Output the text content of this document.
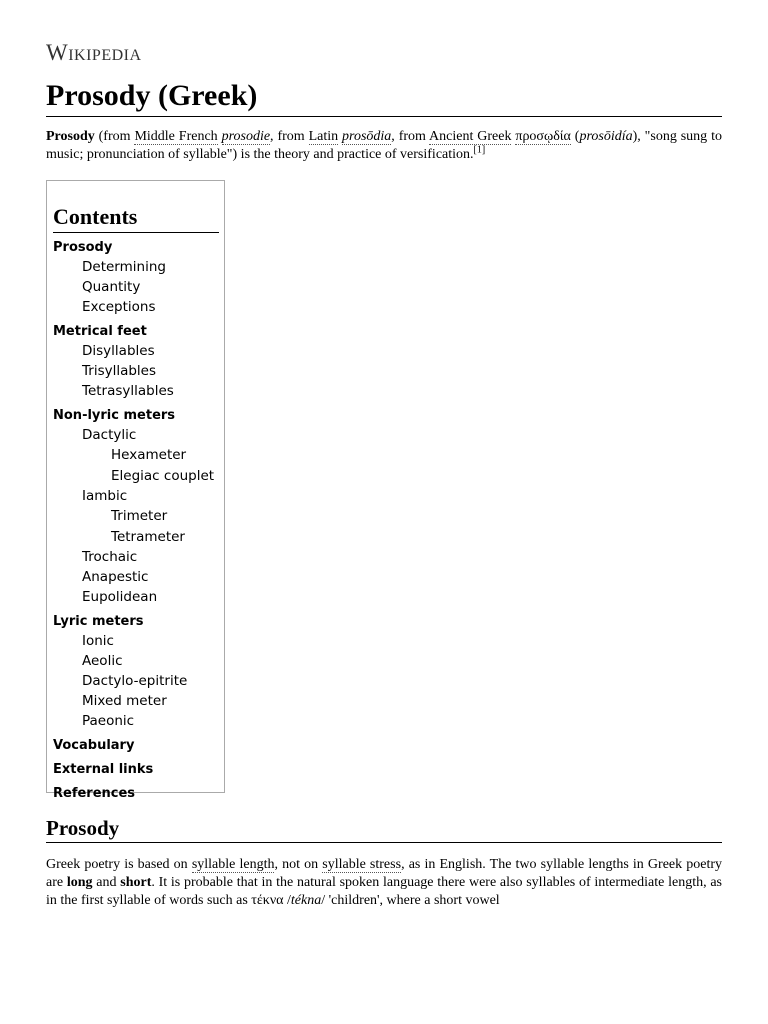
Wikipedia
Prosody (Greek)

Prosody (from Middle French prosodie, from Latin prosōdia, from Ancient Greek προσῳδία (prosōidía), "song sung to music; pronunciation of syllable") is the theory and practice of versification.[1]

Contents
Prosody
Determining Quantity
Exceptions
Metrical feet
Disyllables
Trisyllables
Tetrasyllables
Non-lyric meters
Dactylic
Hexameter
Elegiac couplet
Iambic
Trimeter
Tetrameter
Trochaic
Anapestic
Eupolidean
Lyric meters
Ionic
Aeolic
Dactylo-epitrite
Mixed meter
Paeonic
Vocabulary
External links
References
Prosody

Greek poetry is based on syllable length, not on syllable stress, as in English. The two syllable lengths in Greek poetry are long and short. It is probable that in the natural spoken language there were also syllables of intermediate length, as in the first syllable of words such as τέκνα /tékna/ 'children', where a short vowel
